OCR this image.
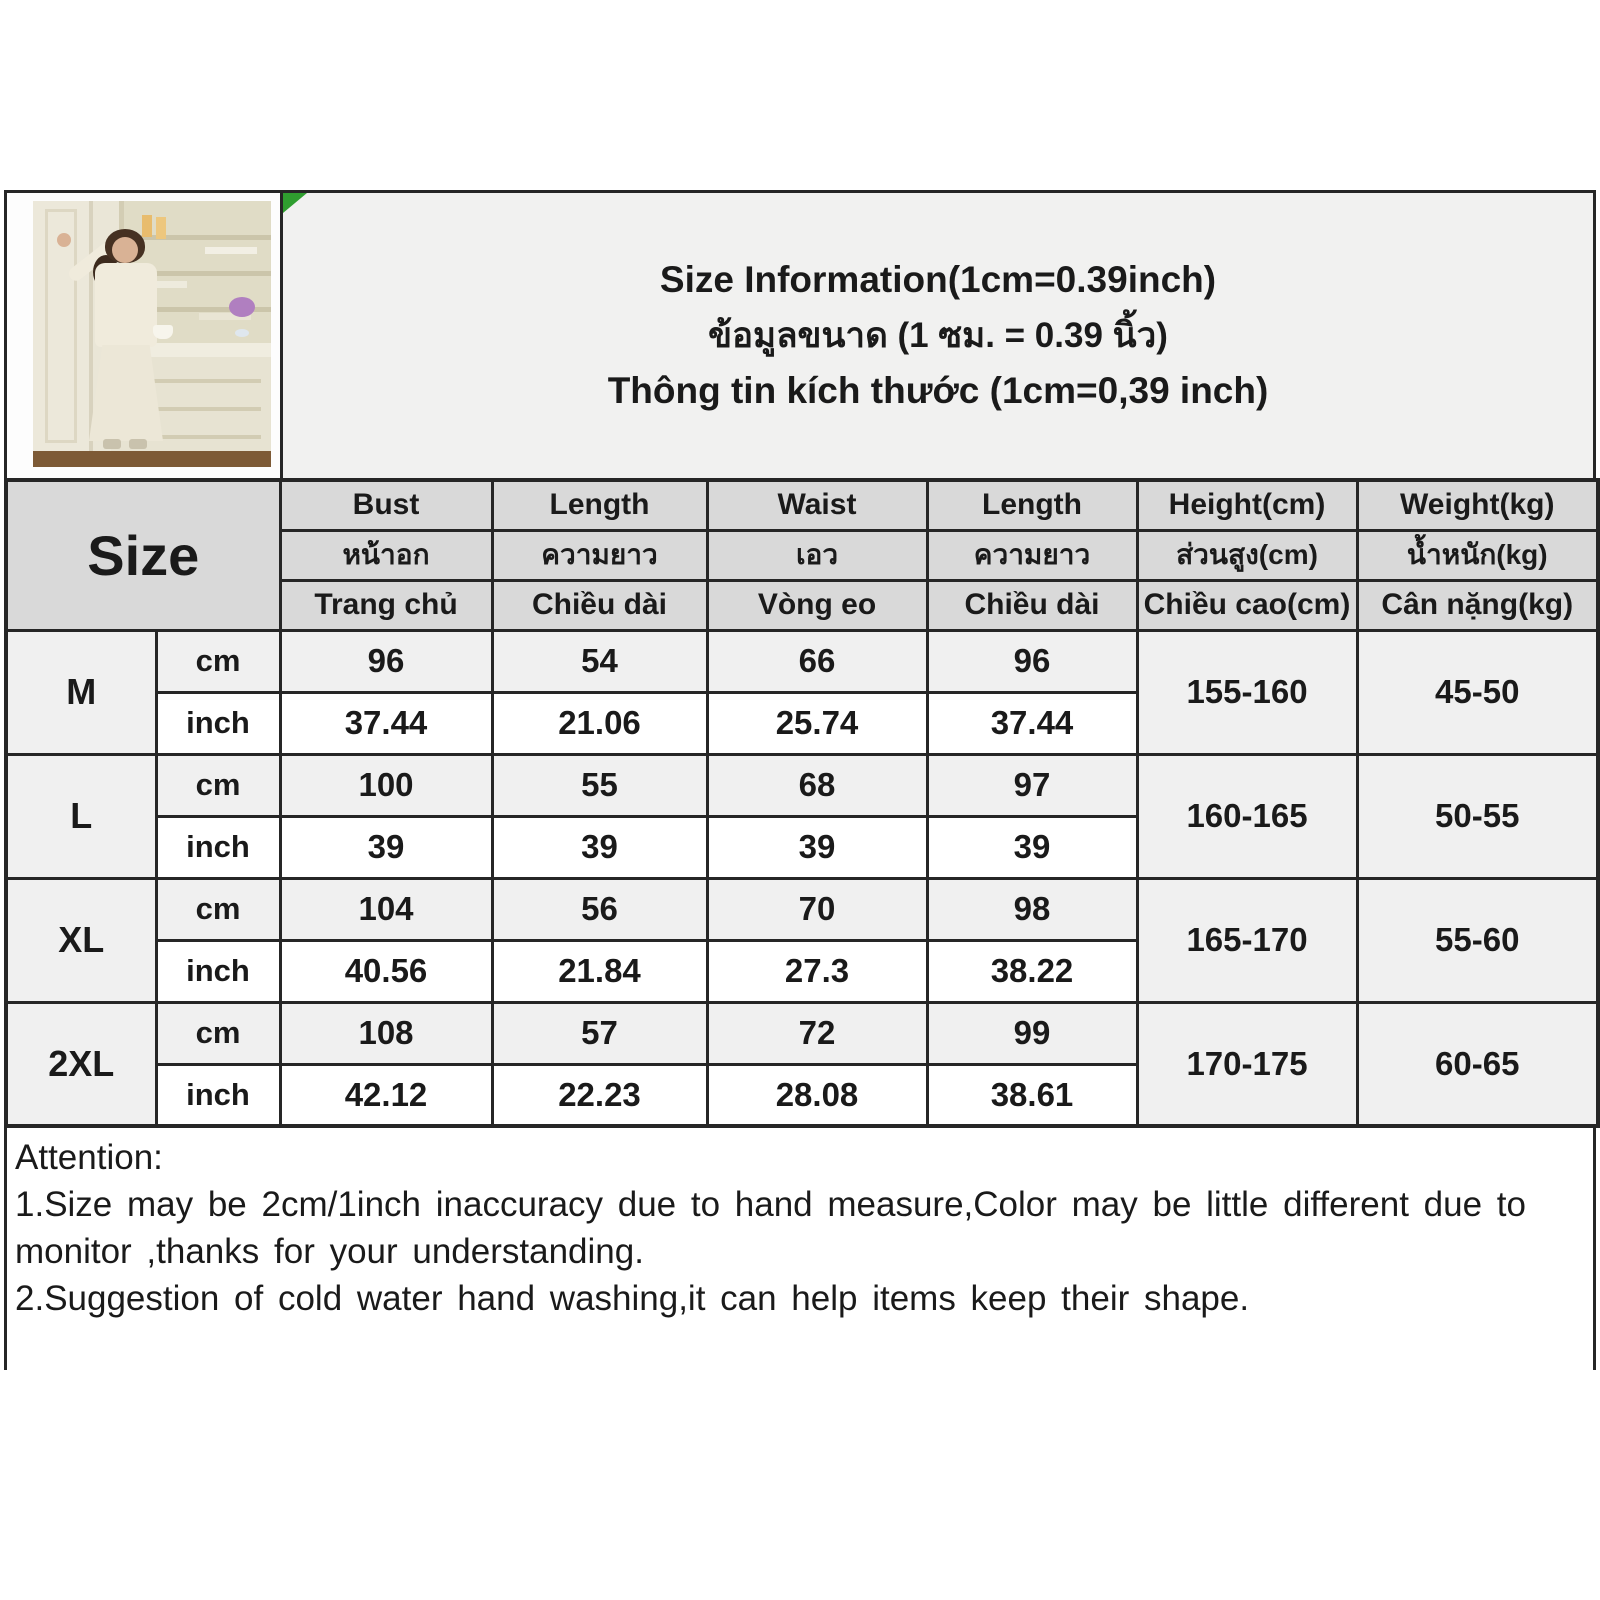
Size Information(1cm=0.39inch)
ข้อมูลขนาด (1 ซม. = 0.39 นิ้ว)
Thông tin kích thước (1cm=0,39 inch)
Size		Bust	Length	Waist	Length	Height(cm)	Weight(kg)
		หน้าอก	ความยาว	เอว	ความยาว	ส่วนสูง(cm)	น้ำหนัก(kg)
		Trang chủ	Chiều dài	Vòng eo	Chiều dài	Chiều cao(cm)	Cân nặng(kg)
M	cm	96	54	66	96	155-160	45-50
	inch	37.44	21.06	25.74	37.44		
L	cm	100	55	68	97	160-165	50-55
	inch	39	39	39	39		
XL	cm	104	56	70	98	165-170	55-60
	inch	40.56	21.84	27.3	38.22		
2XL	cm	108	57	72	99	170-175	60-65
	inch	42.12	22.23	28.08	38.61		
Attention:
1.Size may be 2cm/1inch inaccuracy due to hand measure,Color may be little different due to monitor ,thanks for your understanding.
2.Suggestion of cold water hand washing,it can help items keep their shape.
